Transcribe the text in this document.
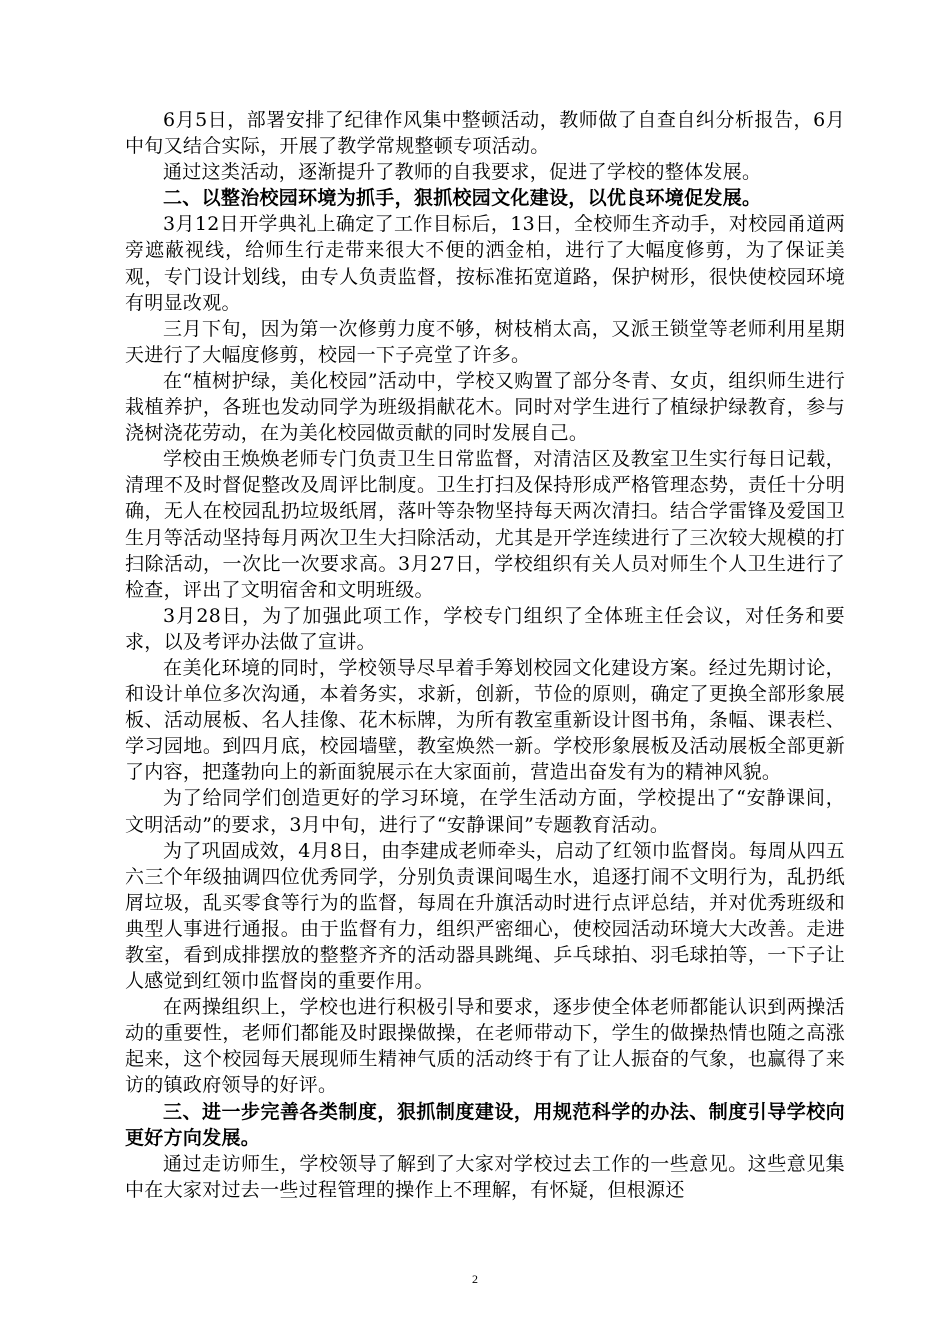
6月5日，部署安排了纪律作风集中整顿活动，教师做了自查自纠分析报告，6月中旬又结合实际，开展了教学常规整顿专项活动。

通过这类活动，逐渐提升了教师的自我要求，促进了学校的整体发展。

二、以整治校园环境为抓手，狠抓校园文化建设，以优良环境促发展。

3月12日开学典礼上确定了工作目标后，13日，全校师生齐动手，对校园甬道两旁遮蔽视线，给师生行走带来很大不便的洒金柏，进行了大幅度修剪，为了保证美观，专门设计划线，由专人负责监督，按标准拓宽道路，保护树形，很快使校园环境有明显改观。

三月下旬，因为第一次修剪力度不够，树枝梢太高，又派王锁堂等老师利用星期天进行了大幅度修剪，校园一下子亮堂了许多。

在“植树护绿，美化校园”活动中，学校又购置了部分冬青、女贞，组织师生进行栽植养护，各班也发动同学为班级捐献花木。同时对学生进行了植绿护绿教育，参与浇树浇花劳动，在为美化校园做贡献的同时发展自己。

学校由王焕焕老师专门负责卫生日常监督，对清洁区及教室卫生实行每日记载，清理不及时督促整改及周评比制度。卫生打扫及保持形成严格管理态势，责任十分明确，无人在校园乱扔垃圾纸屑，落叶等杂物坚持每天两次清扫。结合学雷锋及爱国卫生月等活动坚持每月两次卫生大扫除活动，尤其是开学连续进行了三次较大规模的打扫除活动，一次比一次要求高。3月27日，学校组织有关人员对师生个人卫生进行了检查，评出了文明宿舍和文明班级。

3月28日，为了加强此项工作，学校专门组织了全体班主任会议，对任务和要求，以及考评办法做了宣讲。

在美化环境的同时，学校领导尽早着手筹划校园文化建设方案。经过先期讨论，和设计单位多次沟通，本着务实，求新，创新，节俭的原则，确定了更换全部形象展板、活动展板、名人挂像、花木标牌，为所有教室重新设计图书角，条幅、课表栏、学习园地。到四月底，校园墙壁，教室焕然一新。学校形象展板及活动展板全部更新了内容，把蓬勃向上的新面貌展示在大家面前，营造出奋发有为的精神风貌。

为了给同学们创造更好的学习环境，在学生活动方面，学校提出了“安静课间，文明活动”的要求，3月中旬，进行了“安静课间”专题教育活动。

为了巩固成效，4月8日，由李建成老师牵头，启动了红领巾监督岗。每周从四五六三个年级抽调四位优秀同学，分别负责课间喝生水，追逐打闹不文明行为，乱扔纸屑垃圾，乱买零食等行为的监督，每周在升旗活动时进行点评总结，并对优秀班级和典型人事进行通报。由于监督有力，组织严密细心，使校园活动环境大大改善。走进教室，看到成排摆放的整整齐齐的活动器具跳绳、乒乓球拍、羽毛球拍等，一下子让人感觉到红领巾监督岗的重要作用。

在两操组织上，学校也进行积极引导和要求，逐步使全体老师都能认识到两操活动的重要性，老师们都能及时跟操做操，在老师带动下，学生的做操热情也随之高涨起来，这个校园每天展现师生精神气质的活动终于有了让人振奋的气象，也赢得了来访的镇政府领导的好评。

三、进一步完善各类制度，狠抓制度建设，用规范科学的办法、制度引导学校向更好方向发展。

通过走访师生，学校领导了解到了大家对学校过去工作的一些意见。这些意见集中在大家对过去一些过程管理的操作上不理解，有怀疑，但根源还

2
